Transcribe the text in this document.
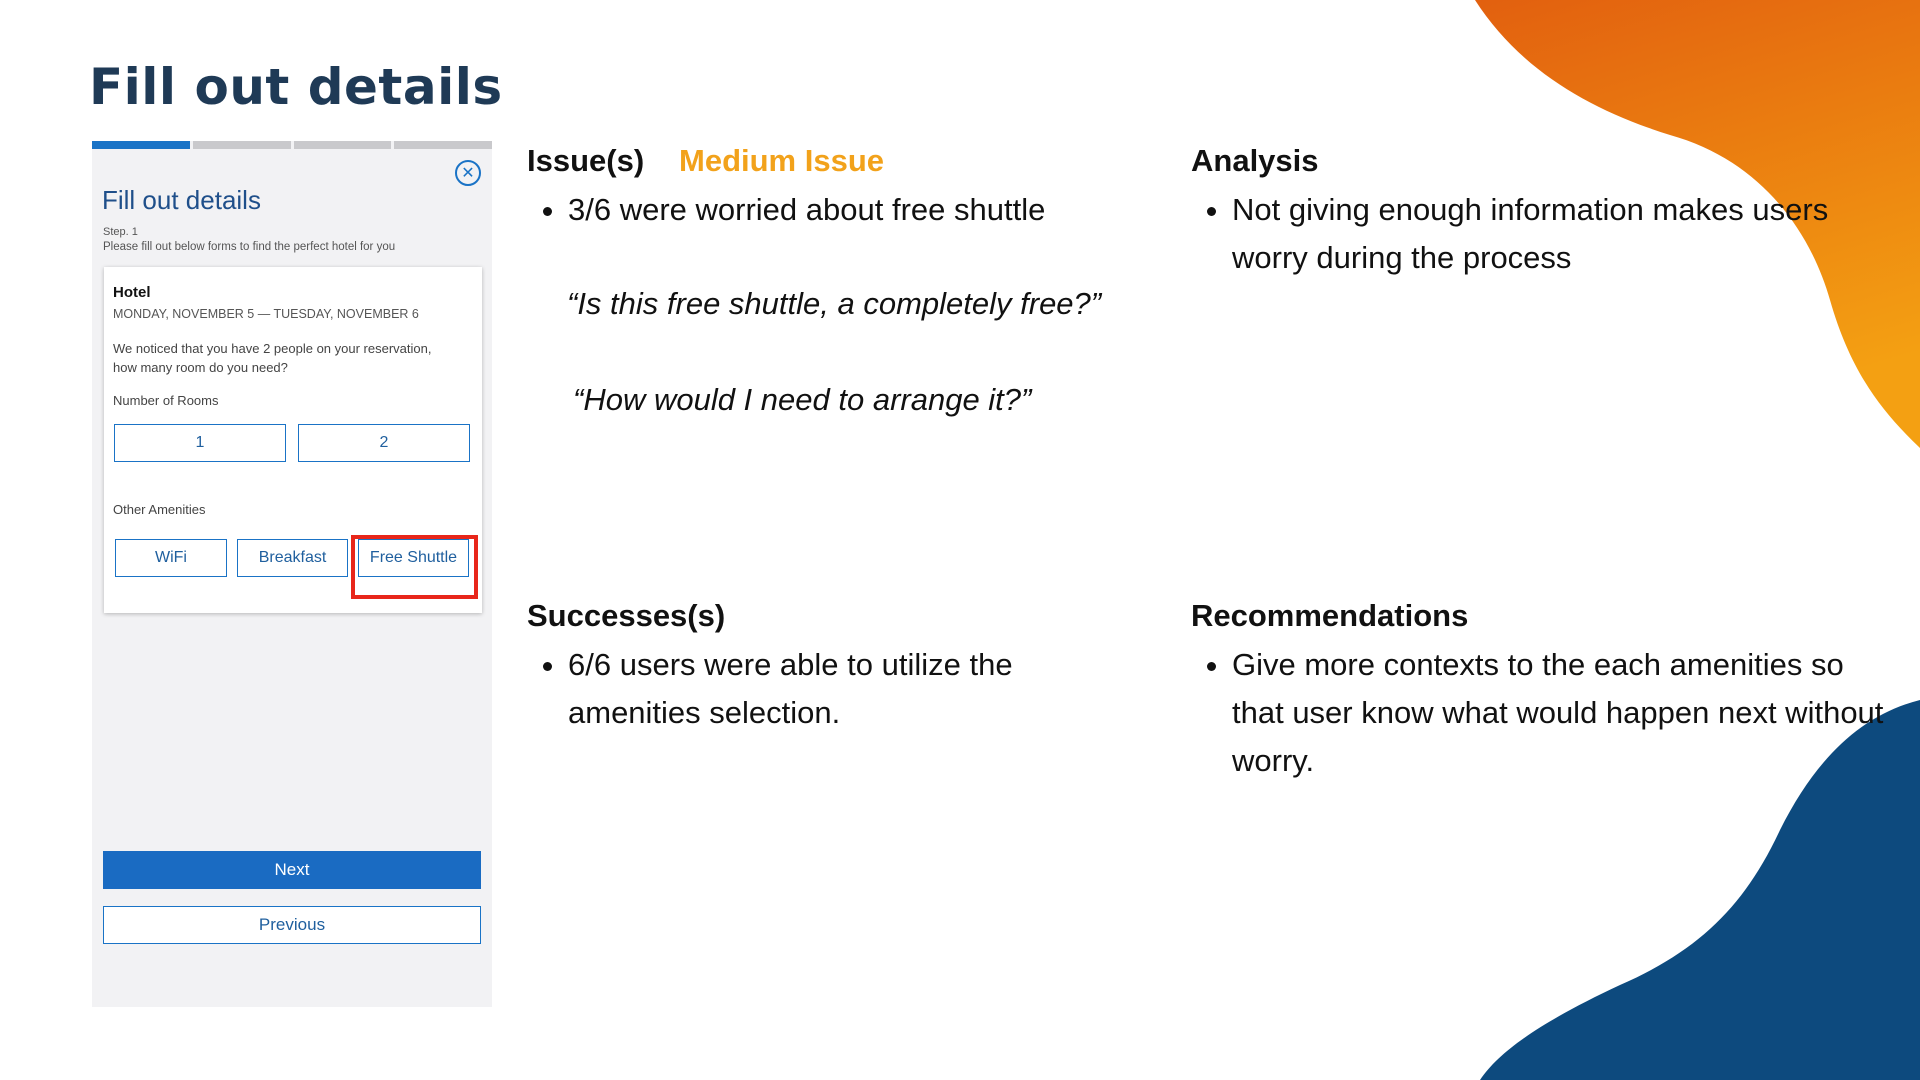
Fill out details
✕
Fill out details
Step. 1
Please fill out below forms to find the perfect hotel for you
Hotel
MONDAY, NOVEMBER 5 — TUESDAY, NOVEMBER 6
We noticed that you have 2 people on your reservation, how many room do you need?
Number of Rooms
1	2
Other Amenities
WiFi	Breakfast	Free Shuttle
Next
Previous
Issue(s) Medium Issue
• 3/6 were worried about free shuttle
“Is this free shuttle, a completely free?”
“How would I need to arrange it?”
Analysis
• Not giving enough information makes users worry during the process
Successes(s)
• 6/6 users were able to utilize the amenities selection.
Recommendations
• Give more contexts to the each amenities so that user know what would happen next without worry.
